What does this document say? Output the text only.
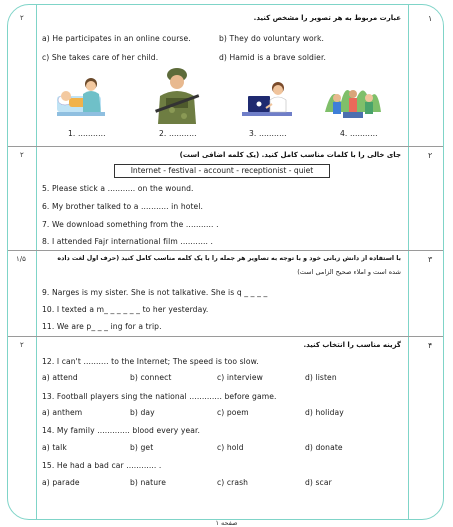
١
٢	عبارت مربوط به هر تصویر را مشخص کنید.
a) He participates in an online course.	b) They do voluntary work.
c) She takes care of her child.	d) Hamid is a brave soldier.
1. ...........	2. ...........	3. ...........	4. ...........
٢
٢	جای خالی را با کلمات مناسب کامل کنید. (یک کلمه اضافی است)
Internet - festival - account - receptionist - quiet
5. Please stick a ........... on the wound.
6. My brother talked to a ........... in hotel.
7. We download something from the ........... .
8. I attended Fajr international film ........... .
٣
١/۵	با استفاده از دانش زبانی خود و با توجه به تصاویر هر جمله را با یک کلمه مناسب کامل کنید (حرف اول لغت داده
شده است و املاء صحیح الزامی است)
9. Narges is my sister. She is not talkative. She is q _ _ _ _
10. I texted a m_ _ _ _ _ _ to her yesterday.
11. We are p_ _ _ ing for a trip.
۴
٢	گزینه مناسب را انتخاب کنید.
12. I can't .......... to the Internet; The speed is too slow.
a) attend	b) connect	c) interview	d) listen
13. Football players sing the national ............. before game.
a) anthem	b) day	c) poem	d) holiday
14. My family ............. blood every year.
a) talk	b) get	c) hold	d) donate
15. He had a bad car ............ .
a) parade	b) nature	c) crash	d) scar
صفحه ١
